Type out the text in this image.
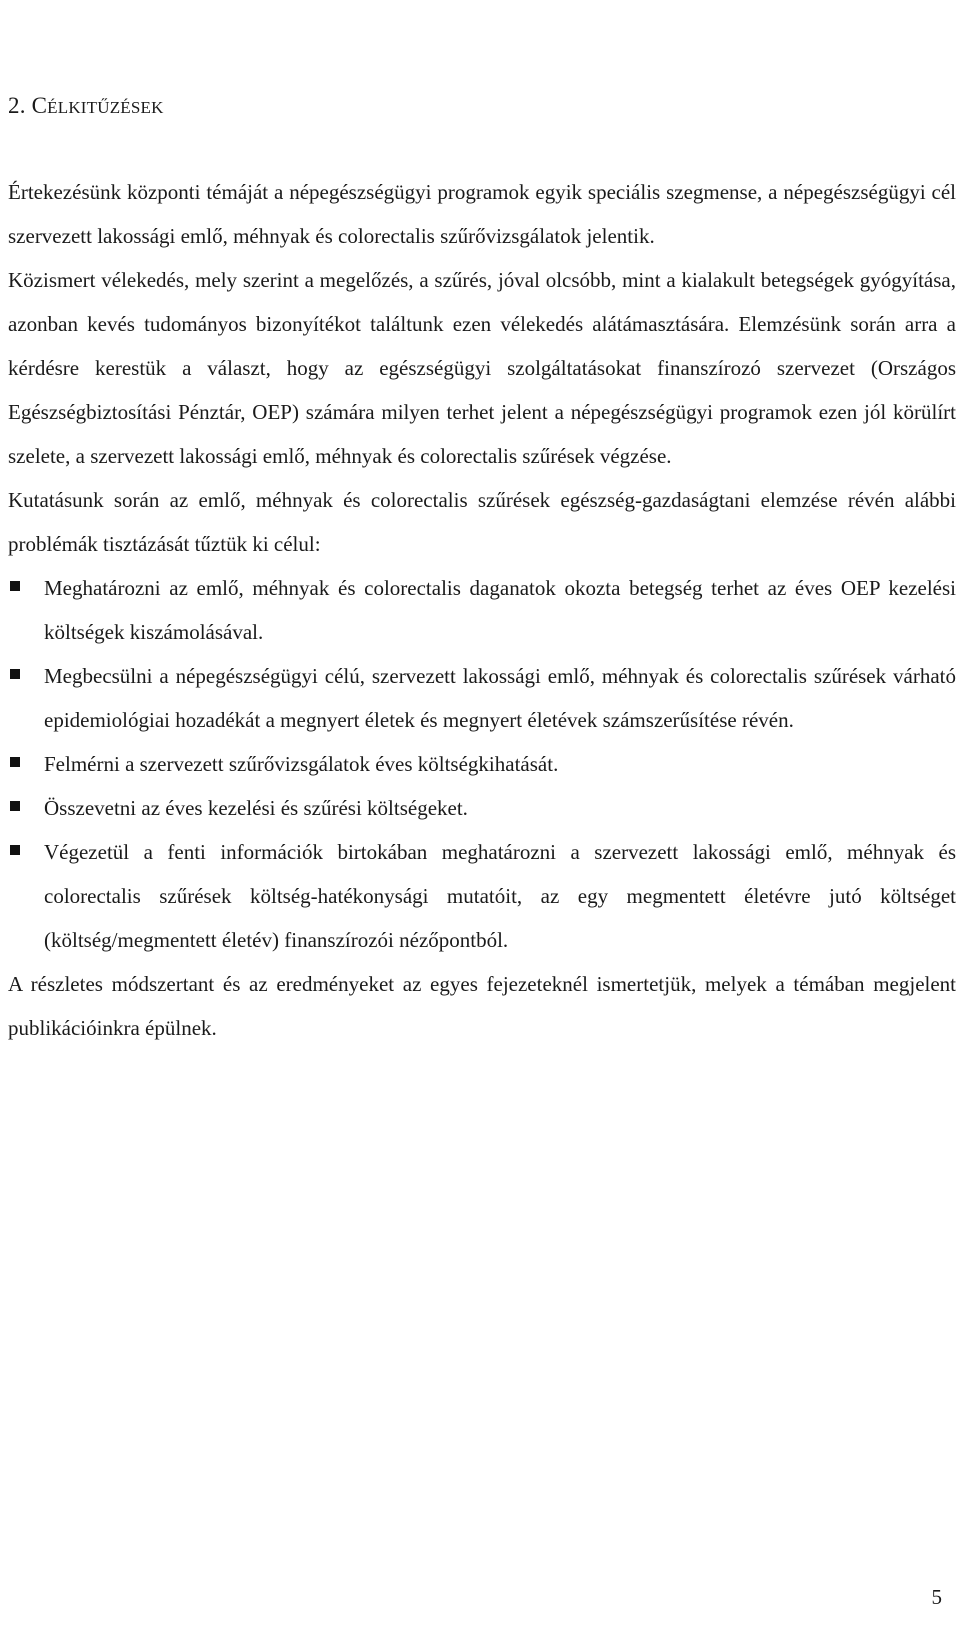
2. CÉLKITŰZÉSEK

Értekezésünk központi témáját a népegészségügyi programok egyik speciális szegmense, a népegészségügyi cél szervezett lakossági emlő, méhnyak és colorectalis szűrővizsgálatok jelentik.

Közismert vélekedés, mely szerint a megelőzés, a szűrés, jóval olcsóbb, mint a kialakult betegségek gyógyítása, azonban kevés tudományos bizonyítékot találtunk ezen vélekedés alátámasztására. Elemzésünk során arra a kérdésre kerestük a választ, hogy az egészségügyi szolgáltatásokat finanszírozó szervezet (Országos Egészségbiztosítási Pénztár, OEP) számára milyen terhet jelent a népegészségügyi programok ezen jól körülírt szelete, a szervezett lakossági emlő, méhnyak és colorectalis szűrések végzése.

Kutatásunk során az emlő, méhnyak és colorectalis szűrések egészség-gazdaságtani elemzése révén alábbi problémák tisztázását tűztük ki célul:

Meghatározni az emlő, méhnyak és colorectalis daganatok okozta betegség terhet az éves OEP kezelési költségek kiszámolásával.
Megbecsülni a népegészségügyi célú, szervezett lakossági emlő, méhnyak és colorectalis szűrések várható epidemiológiai hozadékát a megnyert életek és megnyert életévek számszerűsítése révén.
Felmérni a szervezett szűrővizsgálatok éves költségkihatását.
Összevetni az éves kezelési és szűrési költségeket.
Végezetül a fenti információk birtokában meghatározni a szervezett lakossági emlő, méhnyak és colorectalis szűrések költség-hatékonysági mutatóit, az egy megmentett életévre jutó költséget (költség/megmentett életév) finanszírozói nézőpontból.

A részletes módszertant és az eredményeket az egyes fejezeteknél ismertetjük, melyek a témában megjelent publikációinkra épülnek.

5
